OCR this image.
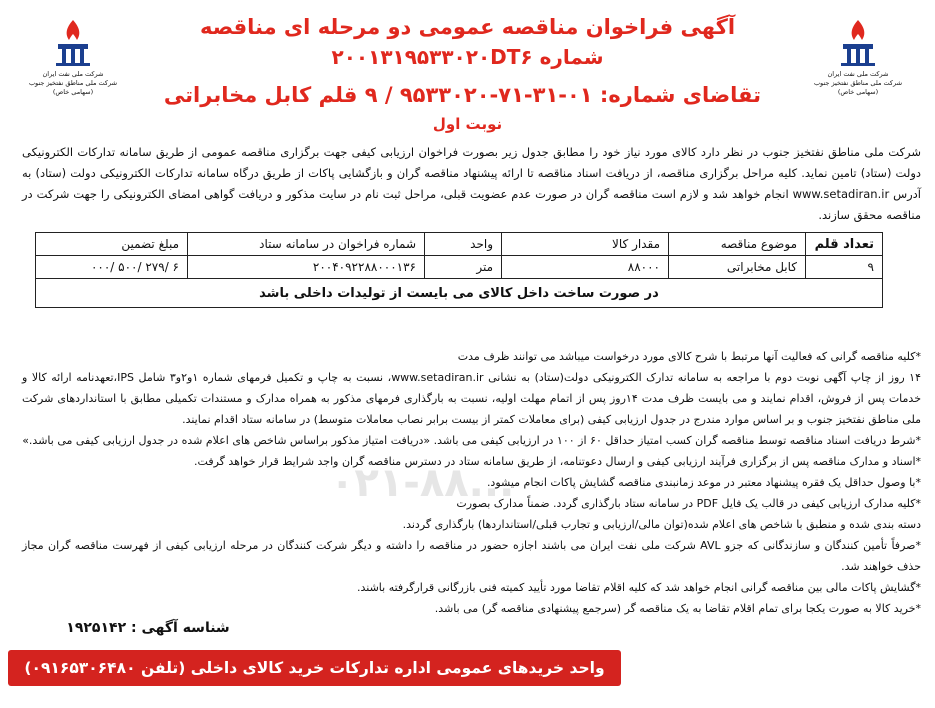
شرکت ملی نفت ایران
شرکت ملی مناطق نفتخیز جنوب (سهامی خاص)
شرکت ملی نفت ایران
شرکت ملی مناطق نفتخیز جنوب (سهامی خاص)
آگهی فراخوان مناقصه عمومی دو مرحله ای مناقصه
شماره ۲۰۰۱۳۱۹۵۳۳۰۲۰DT۶
تقاضای شماره: ۰۱-۳۱-۷۱-۹۵۳۳۰۲۰ / ۹ قلم کابل مخابراتی
نوبت اول
شرکت ملی مناطق نفتخیز جنوب در نظر دارد کالای مورد نیاز خود را مطابق جدول زیر بصورت فراخوان ارزیابی کیفی جهت برگزاری مناقصه عمومی از طریق سامانه تدارکات الکترونیکی دولت (ستاد) تامین نماید. کلیه مراحل برگزاری مناقصه، از دریافت اسناد مناقصه تا ارائه پیشنهاد مناقصه گران و بازگشایی پاکات از طریق درگاه سامانه تدارکات الکترونیکی دولت (ستاد) به آدرس www.setadiran.ir انجام خواهد شد و لازم است مناقصه گران در صورت عدم عضویت قبلی، مراحل ثبت نام در سایت مذکور و دریافت گواهی امضای الکترونیکی را جهت شرکت در مناقصه محقق سازند.
تعداد قلم	موضوع مناقصه	مقدار کالا	واحد	شماره فراخوان در سامانه ستاد	مبلغ تضمین
۹	کابل مخابراتی	۸۸۰۰۰	متر	۲۰۰۴۰۹۲۲۸۸۰۰۰۱۳۶	۶ /۲۷۹ /۵۰۰ /۰۰۰
در صورت ساخت داخل کالای می بایست از تولیدات داخلی باشد					
۰۲۱-۸۸...

*کلیه مناقصه گرانی که فعالیت آنها مرتبط با شرح کالای مورد درخواست میباشد می توانند ظرف مدت

۱۴ روز از چاپ آگهی نوبت دوم با مراجعه به سامانه تدارک الکترونیکی دولت(ستاد) به نشانی www.setadiran.ir، نسبت به چاپ و تکمیل فرمهای شماره ۱و۲و۳ شامل IPS،تعهدنامه ارائه کالا و خدمات پس از فروش، اقدام نمایند و می بایست ظرف مدت ۱۴روز پس از اتمام مهلت اولیه، نسبت به بارگذاری فرمهای مذکور به همراه مدارک و مستندات تکمیلی مطابق با استانداردهای شرکت ملی مناطق نفتخیز جنوب و بر اساس موارد مندرج در جدول ارزیابی کیفی (برای معاملات کمتر از بیست برابر نصاب معاملات متوسط) در سامانه ستاد اقدام نمایند.

*شرط دریافت اسناد مناقصه توسط مناقصه گران کسب امتیاز حداقل ۶۰ از ۱۰۰ در ارزیابی کیفی می باشد. «دریافت امتیاز مذکور براساس شاخص های اعلام شده در جدول ارزیابی کیفی می باشد.»

*اسناد و مدارک مناقصه پس از برگزاری فرآیند ارزیابی کیفی و ارسال دعوتنامه، از طریق سامانه ستاد در دسترس مناقصه گران واجد شرایط قرار خواهد گرفت.

*با وصول حداقل یک فقره پیشنهاد معتبر در موعد زمانبندی مناقصه گشایش پاکات انجام میشود.

*کلیه مدارک ارزیابی کیفی در قالب یک فایل PDF در سامانه ستاد بارگذاری گردد. ضمناً مدارک بصورت

دسته بندی شده و منطبق با شاخص های اعلام شده(توان مالی/ارزیابی و تجارب قبلی/استانداردها) بارگذاری گردند.

*صرفاً تأمین کنندگان و سازندگانی که جزو AVL شرکت ملی نفت ایران می باشند اجازه حضور در مناقصه را داشته و دیگر شرکت کنندگان در مرحله ارزیابی کیفی از فهرست مناقصه گران مجاز حذف خواهند شد.

*گشایش پاکات مالی بین مناقصه گرانی انجام خواهد شد که کلیه اقلام تقاضا مورد تأیید کمیته فنی بازرگانی قرارگرفته باشند.

*خرید کالا به صورت یکجا برای تمام اقلام تقاضا به یک مناقصه گر (سرجمع پیشنهادی مناقصه گر) می باشد.

شناسه آگهی : ۱۹۲۵۱۴۲
واحد خریدهای عمومی اداره تدارکات خرید کالای داخلی (تلفن ۰۹۱۶۵۳۰۶۴۸۰)
